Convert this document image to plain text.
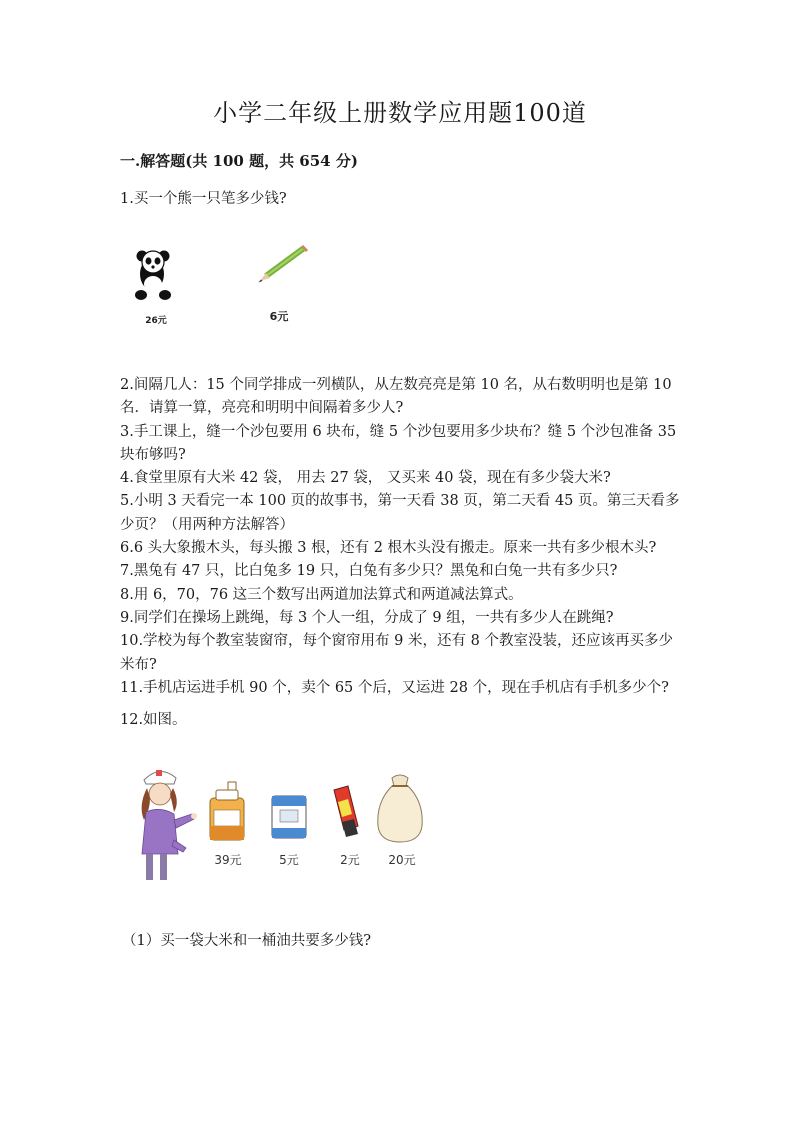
小学二年级上册数学应用题100道
一.解答题(共 100 题，共 654 分)
1.买一个熊一只笔多少钱?
26元	6元

2.间隔几人：15 个同学排成一列横队，从左数亮亮是第 10 名，从右数明明也是第 10 名．请算一算，亮亮和明明中间隔着多少人?

3.手工课上，缝一个沙包要用 6 块布，缝 5 个沙包要用多少块布？缝 5 个沙包准备 35 块布够吗?

4.食堂里原有大米 42 袋， 用去 27 袋， 又买来 40 袋，现在有多少袋大米?

5.小明 3 天看完一本 100 页的故事书，第一天看 38 页，第二天看 45 页。第三天看多少页？（用两种方法解答）

6.6 头大象搬木头，每头搬 3 根，还有 2 根木头没有搬走。原来一共有多少根木头?

7.黑兔有 47 只，比白兔多 19 只，白兔有多少只？黑兔和白兔一共有多少只?

8.用 6，70，76 这三个数写出两道加法算式和两道减法算式。

9.同学们在操场上跳绳，每 3 个人一组，分成了 9 组，一共有多少人在跳绳?

10.学校为每个教室装窗帘，每个窗帘用布 9 米，还有 8 个教室没装，还应该再买多少米布?

11.手机店运进手机 90 个，卖个 65 个后，又运进 28 个，现在手机店有手机多少个?

12.如图。
39元	5元	2元 20元
（1）买一袋大米和一桶油共要多少钱?
